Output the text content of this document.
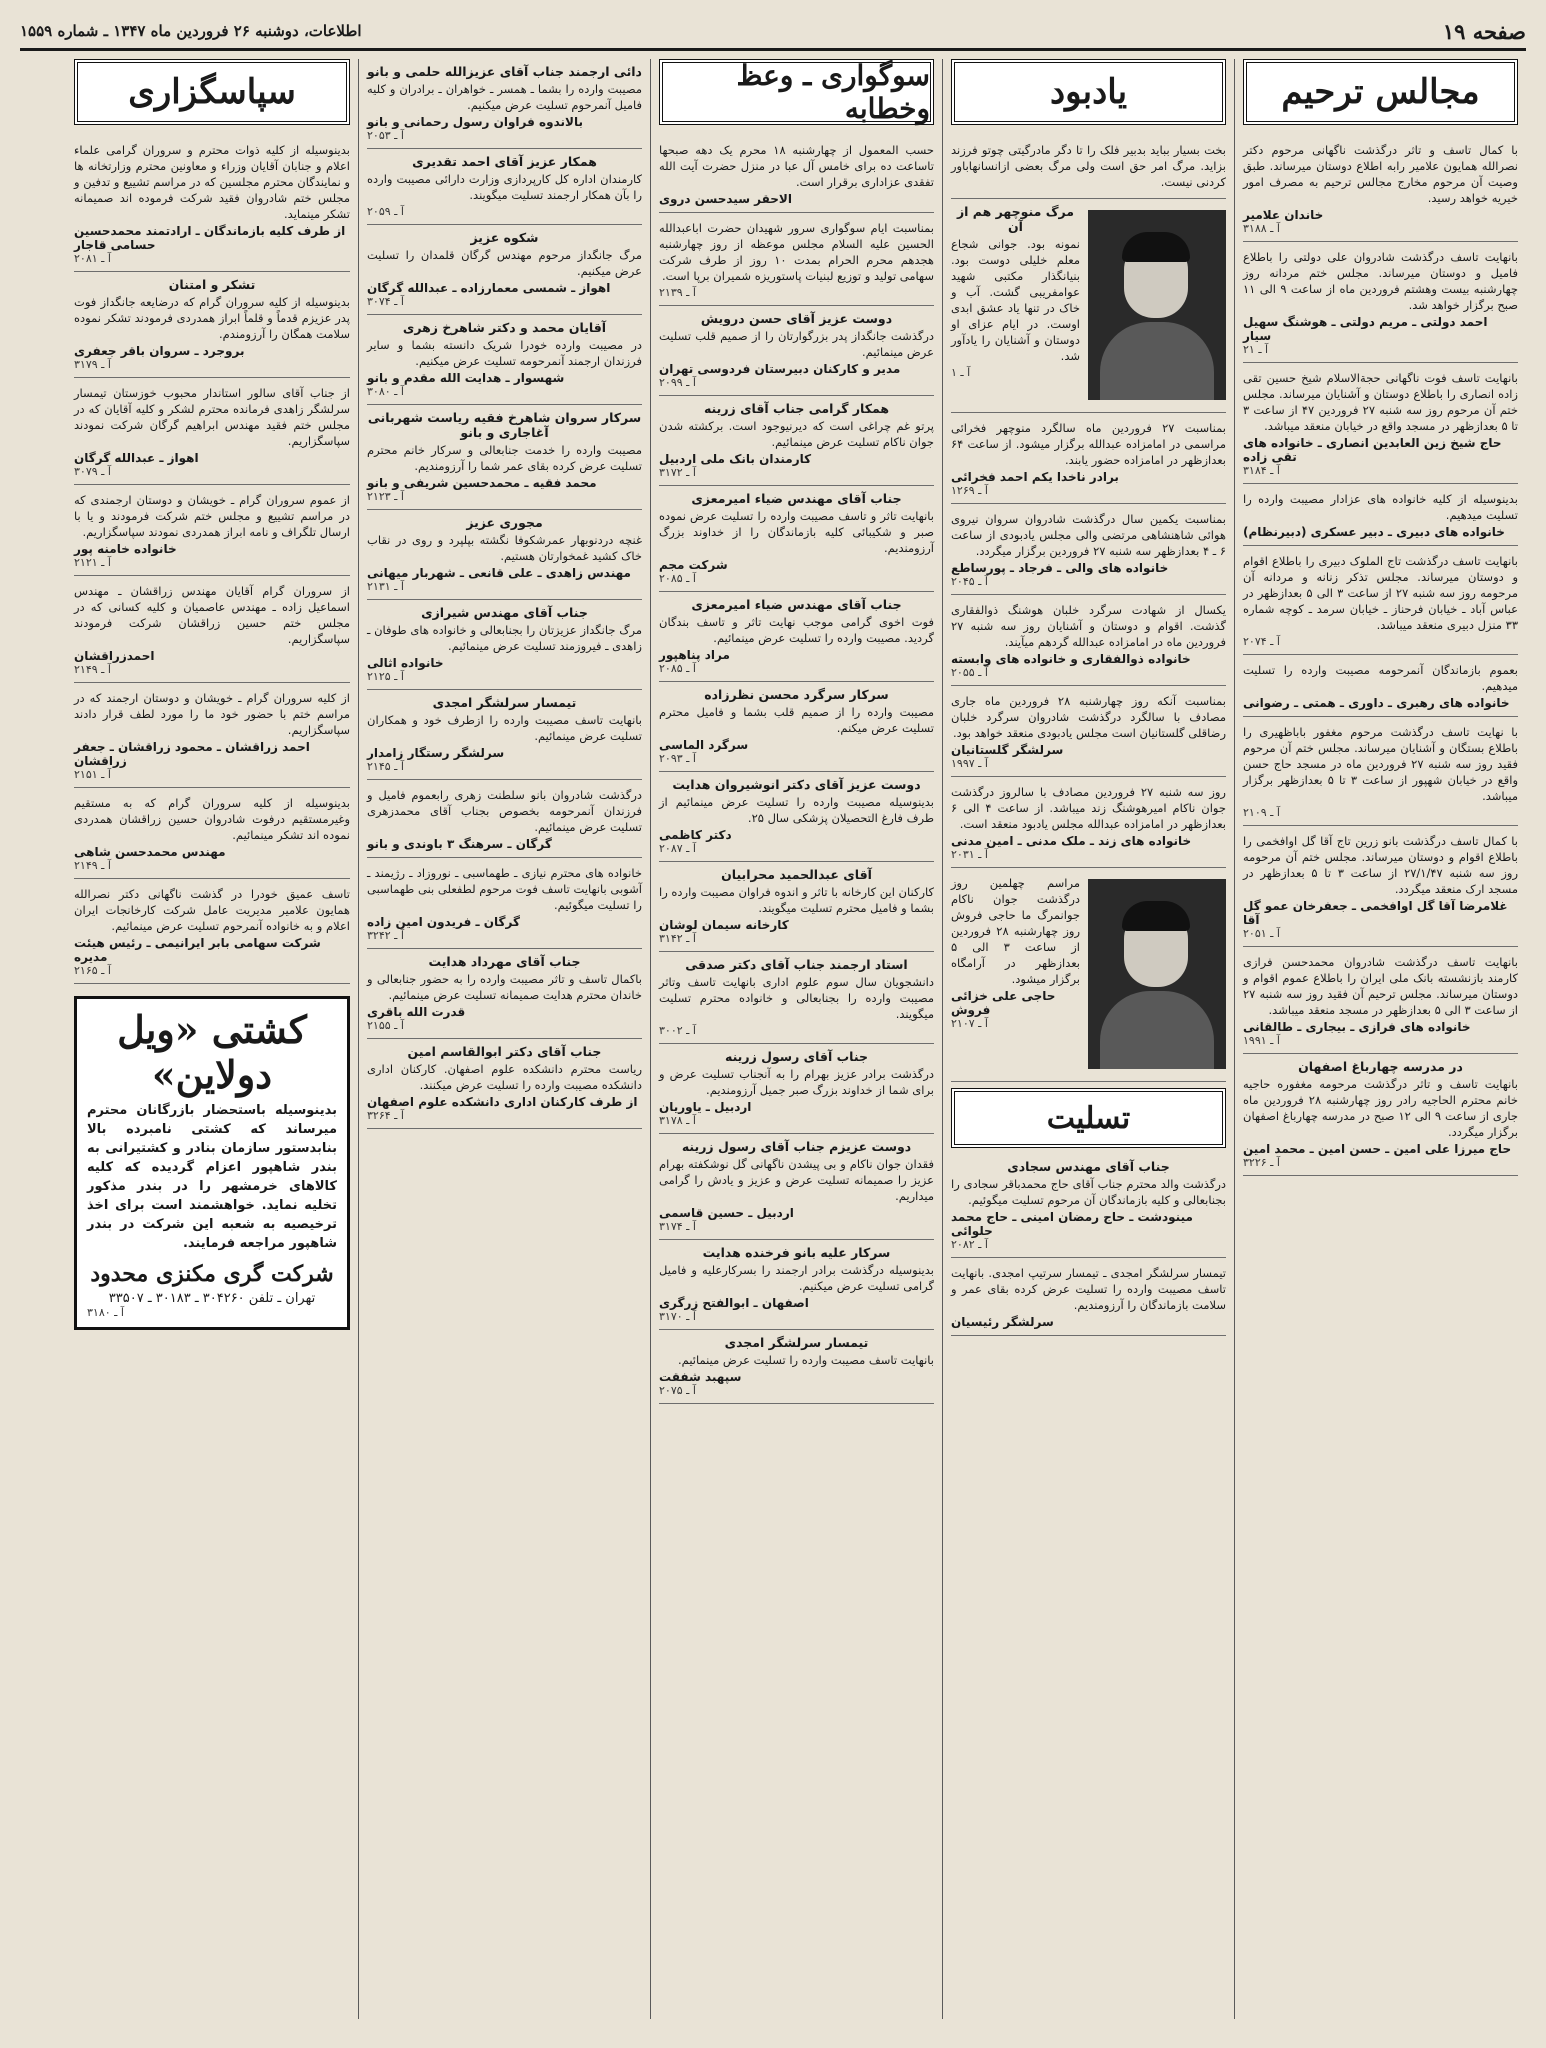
صفحه ۱۹
اطلاعات، دوشنبه ۲۶ فروردین ماه ۱۳۴۷ ـ شماره ۱۵۵۹
مجالس ترحیم
با کمال تاسف و تاثر درگذشت ناگهانی مرحوم دکتر نصرالله همایون علامیر رابه اطلاع دوستان میرساند. طبق وصیت آن مرحوم مخارج مجالس ترحیم به مصرف امور خیریه خواهد رسید.
خاندان علامیر
آ ـ ۳۱۸۸
بانهایت تاسف درگذشت شادروان علی دولتی را باطلاع فامیل و دوستان میرساند. مجلس ختم مردانه روز چهارشنبه بیست وهشتم فروردین ماه از ساعت ۹ الی ۱۱ صبح برگزار خواهد شد.
احمد دولتی ـ مریم دولتی ـ هوشنگ سهیل سیار
آ ـ ۲۱
بانهایت تاسف فوت ناگهانی حجةالاسلام شیخ حسین تقی زاده انصاری را باطلاع دوستان و آشنایان میرساند. مجلس ختم آن مرحوم روز سه شنبه ۲۷ فروردین ۴۷ از ساعت ۳ تا ۵ بعدازظهر در مسجد واقع در خیابان منعقد میباشد.
حاج شیخ زین العابدین انصاری ـ خانواده های تقی زاده
آ ـ ۳۱۸۴
بدینوسیله از کلیه خانواده های عزادار مصیبت وارده را تسلیت میدهیم.
خانواده های دبیری ـ دبیر عسکری (دبیرنظام)
بانهایت تاسف درگذشت تاج الملوک دبیری را باطلاع اقوام و دوستان میرساند. مجلس تذکر زنانه و مردانه آن مرحومه روز سه شنبه ۲۷ از ساعت ۳ الی ۵ بعدازظهر در عباس آباد ـ خیابان فرحناز ـ خیابان سرمد ـ کوچه شماره ۳۳ منزل دبیری منعقد میباشد.
آ ـ ۲۰۷۴
بعموم بازماندگان آنمرحومه مصیبت وارده را تسلیت میدهیم.
خانواده های رهبری ـ داوری ـ همتی ـ رضوانی
با نهایت تاسف درگذشت مرحوم مغفور باباظهیری را باطلاع بستگان و آشنایان میرساند. مجلس ختم آن مرحوم فقید روز سه شنبه ۲۷ فروردین ماه در مسجد حاج حسن واقع در خیابان شهپور از ساعت ۳ تا ۵ بعدازظهر برگزار میباشد.
آ ـ ۲۱۰۹
با کمال تاسف درگذشت بانو زرین تاج آقا گل اوافخمی را باطلاع اقوام و دوستان میرساند. مجلس ختم آن مرحومه روز سه شنبه ۲۷/۱/۴۷ از ساعت ۳ تا ۵ بعدازظهر در مسجد ارک منعقد میگردد.
غلامرضا آقا گل اوافخمی ـ جعفرخان عمو گل آقا
آ ـ ۲۰۵۱
بانهایت تاسف درگذشت شادروان محمدحسن فرازی کارمند بازنشسته بانک ملی ایران را باطلاع عموم اقوام و دوستان میرساند. مجلس ترحیم آن فقید روز سه شنبه ۲۷ از ساعت ۳ الی ۵ بعدازظهر در مسجد منعقد میباشد.
خانواده های فرازی ـ بیجاری ـ طالقانی
آ ـ ۱۹۹۱
در مدرسه چهارباغ اصفهان
بانهایت تاسف و تاثر درگذشت مرحومه مغفوره حاجیه خانم محترم الحاجیه رادر روز چهارشنبه ۲۸ فروردین ماه جاری از ساعت ۹ الی ۱۲ صبح در مدرسه چهارباغ اصفهان برگزار میگردد.
حاج میرزا علی امین ـ حسن امین ـ محمد امین
آ ـ ۳۲۲۶
یادبود
بخت بسیار بباید بدبیر فلک را تا دگر مادرگیتی چوتو فرزند بزاید. مرگ امر حق است ولی مرگ بعضی ازانسانهاباور کردنی نیست.
مرگ منوچهر هم از آن
نمونه بود. جوانی شجاع معلم خلیلی دوست بود. بنیانگذار مکتبی شهید عوامفریبی گشت. آب و خاک در تنها یاد عشق ابدی اوست. در ایام عزای او دوستان و آشنایان را یادآور شد.
آ ـ ۱
بمناسبت ۲۷ فروردین ماه سالگرد منوچهر فخرائی مراسمی در امامزاده عبدالله برگزار میشود. از ساعت ۶۴ بعدازظهر در امامزاده حضور یابند.
برادر ناخدا یکم احمد فخرائی
آ ـ ۱۲۶۹
بمناسبت یکمین سال درگذشت شادروان سروان نیروی هوائی شاهنشاهی مرتضی والی مجلس یادبودی از ساعت ۶ ـ ۴ بعدازظهر سه شنبه ۲۷ فروردین برگزار میگردد.
خانواده های والی ـ فرجاد ـ پورساطع
آ ـ ۲۰۴۵
یکسال از شهادت سرگرد خلبان هوشنگ ذوالفقاری گذشت. اقوام و دوستان و آشنایان روز سه شنبه ۲۷ فروردین ماه در امامزاده عبدالله گردهم میآیند.
خانواده ذوالفقاری و خانواده های وابسته
آ ـ ۲۰۵۵
بمناسبت آنکه روز چهارشنبه ۲۸ فروردین ماه جاری مصادف با سالگرد درگذشت شادروان سرگرد خلبان رضاقلی گلستانیان است مجلس یادبودی منعقد خواهد بود.
سرلشگر گلستانیان
آ ـ ۱۹۹۷
روز سه شنبه ۲۷ فروردین مصادف با سالروز درگذشت جوان ناکام امیرهوشنگ زند میباشد. از ساعت ۴ الی ۶ بعدازظهر در امامزاده عبدالله مجلس یادبود منعقد است.
خانواده های زند ـ ملک مدنی ـ امین مدنی
آ ـ ۲۰۳۱
مراسم چهلمین روز درگذشت جوان ناکام جوانمرگ ما حاجی فروش روز چهارشنبه ۲۸ فروردین از ساعت ۳ الی ۵ بعدازظهر در آرامگاه برگزار میشود.
حاجی علی خزائی فروش
آ ـ ۲۱۰۷
تسلیت
جناب آقای مهندس سجادی
درگذشت والد محترم جناب آقای حاج محمدباقر سجادی را بجنابعالی و کلیه بازماندگان آن مرحوم تسلیت میگوئیم.
مینودشت ـ حاج رمضان امینی ـ حاج محمد حلوائی
آ ـ ۲۰۸۲
تیمسار سرلشگر امجدی ـ تیمسار سرتیپ امجدی. بانهایت تاسف مصیبت وارده را تسلیت عرض کرده بقای عمر و سلامت بازماندگان را آرزومندیم.
سرلشگر رئیسیان
سوگواری ـ وعظ وخطابه
حسب المعمول از چهارشنبه ۱۸ محرم یک دهه صبحها تاساعت ده برای خامس آل عبا در منزل حضرت آیت الله تفقدی عزاداری برقرار است.
الاحقر سیدحسن دروی
بمناسبت ایام سوگواری سرور شهیدان حضرت اباعبدالله الحسین علیه السلام مجلس موعظه از روز چهارشنبه هجدهم محرم الحرام بمدت ۱۰ روز از طرف شرکت سهامی تولید و توزیع لبنیات پاستوریزه شمیران برپا است.
آ ـ ۲۱۳۹
دوست عزیز آقای حسن درویش
درگذشت جانگداز پدر بزرگوارتان را از صمیم قلب تسلیت عرض مینمائیم.
مدیر و کارکنان دبیرستان فردوسی تهران
آ ـ ۲۰۹۹
همکار گرامی جناب آقای زرینه
پرتو غم چراغی است که دیرنیوجود است. برکشته شدن جوان ناکام تسلیت عرض مینمائیم.
کارمندان بانک ملی اردبیل
آ ـ ۳۱۷۲
جناب آقای مهندس ضیاء امیرمعزی
بانهایت تاثر و تاسف مصیبت وارده را تسلیت عرض نموده صبر و شکیبائی کلیه بازماندگان را از خداوند بزرگ آرزومندیم.
شرکت مجم
آ ـ ۲۰۸۵
جناب آقای مهندس ضیاء امیرمعزی
فوت اخوی گرامی موجب نهایت تاثر و تاسف بندگان گردید. مصیبت وارده را تسلیت عرض مینمائیم.
مراد پناهپور
آ ـ ۲۰۸۵
سرکار سرگرد محسن نظرزاده
مصیبت وارده را از صمیم قلب بشما و فامیل محترم تسلیت عرض میکنم.
سرگرد الماسی
آ ـ ۲۰۹۳
دوست عزیز آقای دکتر انوشیروان هدایت
بدینوسیله مصیبت وارده را تسلیت عرض مینمائیم از طرف فارغ التحصیلان پزشکی سال ۲۵.
دکتر کاظمی
آ ـ ۲۰۸۷
آقای عبدالحمید محرابیان
کارکنان این کارخانه با تاثر و اندوه فراوان مصیبت وارده را بشما و فامیل محترم تسلیت میگویند.
کارخانه سیمان لوشان
آ ـ ۳۱۴۲
استاد ارجمند جناب آقای دکتر صدقی
دانشجویان سال سوم علوم اداری بانهایت تاسف وتاثر مصیبت وارده را بجنابعالی و خانواده محترم تسلیت میگویند.
آ ـ ۳۰۰۲
جناب آقای رسول زرینه
درگذشت برادر عزیز بهرام را به آنجناب تسلیت عرض و برای شما از خداوند بزرگ صبر جمیل آرزومندیم.
اردبیل ـ یاوریان
آ ـ ۳۱۷۸
دوست عزیزم جناب آقای رسول زرینه
فقدان جوان ناکام و بی پیشدن ناگهانی گل نوشکفته بهرام عزیز را صمیمانه تسلیت عرض و عزیز و یادش را گرامی میداریم.
اردبیل ـ حسین قاسمی
آ ـ ۳۱۷۴
سرکار علیه بانو فرخنده هدایت
بدینوسیله درگذشت برادر ارجمند را بسرکارعلیه و فامیل گرامی تسلیت عرض میکنیم.
اصفهان ـ ابوالفتح زرگری
آ ـ ۳۱۷۰
تیمسار سرلشگر امجدی
بانهایت تاسف مصیبت وارده را تسلیت عرض مینمائیم.
سپهبد شفقت
آ ـ ۲۰۷۵
دائی ارجمند جناب آقای عزیزالله حلمی و بانو
مصیبت وارده را بشما ـ همسر ـ خواهران ـ برادران و کلیه فامیل آنمرحوم تسلیت عرض میکنیم.
بالاندوه فراوان رسول رحمانی و بانو
آ ـ ۲۰۵۳
همکار عزیز آقای احمد تقدیری
کارمندان اداره کل کارپردازی وزارت دارائی مصیبت وارده را بآن همکار ارجمند تسلیت میگویند.
آ ـ ۲۰۵۹
شکوه عزیز
مرگ جانگداز مرحوم مهندس گرگان قلمدان را تسلیت عرض میکنیم.
اهواز ـ شمسی معمارزاده ـ عبدالله گرگان
آ ـ ۳۰۷۴
آقایان محمد و دکتر شاهرخ زهری
در مصیبت وارده خودرا شریک دانسته بشما و سایر فرزندان ارجمند آنمرحومه تسلیت عرض میکنیم.
شهسوار ـ هدایت الله مقدم و بانو
آ ـ ۳۰۸۰
سرکار سروان شاهرخ فقیه ریاست شهربانی آغاجاری و بانو
مصیبت وارده را خدمت جنابعالی و سرکار خانم محترم تسلیت عرض کرده بقای عمر شما را آرزومندیم.
محمد فقیه ـ محمدحسین شریفی و بانو
آ ـ ۲۱۲۳
مجوری عزیز
غنچه دردنوبهار عمرشکوفا نگشته بپلپرد و روی در نقاب خاک کشید غمخوارتان هستیم.
مهندس زاهدی ـ علی قانعی ـ شهربار میهانی
آ ـ ۲۱۳۱
جناب آقای مهندس شیرازی
مرگ جانگداز عزیزتان را بجنابعالی و خانواده های طوفان ـ زاهدی ـ فیروزمند تسلیت عرض مینمائیم.
خانواده اثالی
آ ـ ۲۱۲۵
تیمسار سرلشگر امجدی
بانهایت تاسف مصیبت وارده را ازطرف خود و همکاران تسلیت عرض مینمائیم.
سرلشگر رستگار زامدار
آ ـ ۲۱۴۵
درگذشت شادروان بانو سلطنت زهری رابعموم فامیل و فرزندان آنمرحومه بخصوص بجناب آقای محمدزهری تسلیت عرض مینمائیم.
گرگان ـ سرهنگ ۳ باوندی و بانو
خانواده های محترم نیازی ـ طهماسبی ـ نوروزاد ـ رژیمند ـ آشوبی بانهایت تاسف فوت مرحوم لطفعلی بنی طهماسبی را تسلیت میگوئیم.
گرگان ـ فریدون امین زاده
آ ـ ۳۲۴۲
جناب آقای مهرداد هدایت
باکمال تاسف و تاثر مصیبت وارده را به حضور جنابعالی و خاندان محترم هدایت صمیمانه تسلیت عرض مینمائیم.
قدرت الله باقری
آ ـ ۲۱۵۵
جناب آقای دکتر ابوالقاسم امین
ریاست محترم دانشکده علوم اصفهان. کارکنان اداری دانشکده مصیبت وارده را تسلیت عرض میکنند.
از طرف کارکنان اداری دانشکده علوم اصفهان
آ ـ ۳۲۶۴
سپاسگزاری
بدینوسیله از کلیه ذوات محترم و سروران گرامی علماء اعلام و جنابان آقایان وزراء و معاونین محترم وزارتخانه ها و نمایندگان محترم مجلسین که در مراسم تشییع و تدفین و مجلس ختم شادروان فقید شرکت فرموده اند صمیمانه تشکر مینماید.
از طرف کلیه بازماندگان ـ ارادتمند محمدحسین حسامی قاجار
آ ـ ۲۰۸۱
تشکر و امتنان
بدینوسیله از کلیه سروران گرام که درضایعه جانگداز فوت پدر عزیزم قدماً و قلماً ابراز همدردی فرمودند تشکر نموده سلامت همگان را آرزومندم.
بروجرد ـ سروان باقر جعفری
آ ـ ۳۱۷۹
از جناب آقای سالور استاندار محبوب خوزستان تیمسار سرلشگر زاهدی فرمانده محترم لشکر و کلیه آقایان که در مجلس ختم فقید مهندس ابراهیم گرگان شرکت نمودند سپاسگزاریم.
اهواز ـ عبدالله گرگان
آ ـ ۳۰۷۹
از عموم سروران گرام ـ خویشان و دوستان ارجمندی که در مراسم تشییع و مجلس ختم شرکت فرمودند و یا با ارسال تلگراف و نامه ابراز همدردی نمودند سپاسگزاریم.
خانواده خامنه پور
آ ـ ۲۱۲۱
از سروران گرام آقایان مهندس زراقشان ـ مهندس اسماعیل زاده ـ مهندس عاصمیان و کلیه کسانی که در مجلس ختم حسین زراقشان شرکت فرمودند سپاسگزاریم.
احمدزراقشان
آ ـ ۲۱۴۹
از کلیه سروران گرام ـ خویشان و دوستان ارجمند که در مراسم ختم با حضور خود ما را مورد لطف قرار دادند سپاسگزاریم.
احمد زراقشان ـ محمود زراقشان ـ جعفر زراقشان
آ ـ ۲۱۵۱
بدینوسیله از کلیه سروران گرام که به مستقیم وغیرمستقیم درفوت شادروان حسین زراقشان همدردی نموده اند تشکر مینمائیم.
مهندس محمدحسن شاهی
آ ـ ۲۱۴۹
تاسف عمیق خودرا در گذشت ناگهانی دکتر نصرالله همایون علامیر مدیریت عامل شرکت کارخانجات ایران اعلام و به خانواده آنمرحوم تسلیت عرض مینمائیم.
شرکت سهامی بابر ایرانیمی ـ رئیس هیئت مدیره
آ ـ ۲۱۶۵
کشتی «ویل دولاین»
بدینوسیله باستحضار بازرگانان محترم میرساند که کشتی نامبرده بالا بنابدستور سازمان بنادر و کشتیرانی به بندر شاهپور اعزام گردیده که کلیه کالاهای خرمشهر را در بندر مذکور تخلیه نماید. خواهشمند است برای اخذ ترخیصیه به شعبه این شرکت در بندر شاهپور مراجعه فرمایند.
شرکت گری مکنزی محدود
تهران ـ تلفن ۳۰۴۲۶۰ ـ ۳۰۱۸۳ ـ ۳۳۵۰۷
آ ـ ۳۱۸۰
